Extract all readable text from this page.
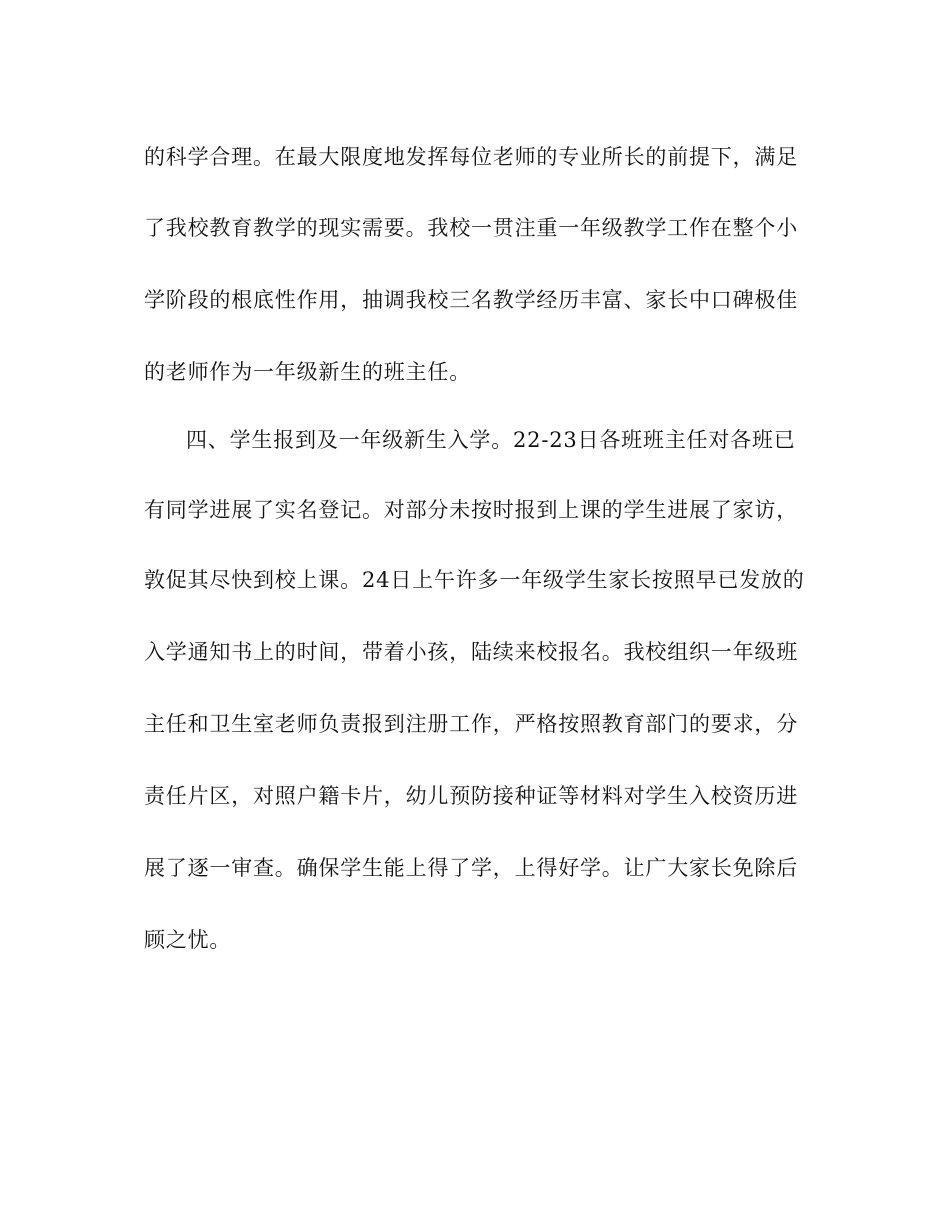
的科学合理。在最大限度地发挥每位老师的专业所长的前提下，满足
了我校教育教学的现实需要。我校一贯注重一年级教学工作在整个小
学阶段的根底性作用，抽调我校三名教学经历丰富、家长中口碑极佳
的老师作为一年级新生的班主任。
四、学生报到及一年级新生入学。22-23日各班班主任对各班已
有同学进展了实名登记。对部分未按时报到上课的学生进展了家访，
敦促其尽快到校上课。24日上午许多一年级学生家长按照早已发放的
入学通知书上的时间，带着小孩，陆续来校报名。我校组织一年级班
主任和卫生室老师负责报到注册工作，严格按照教育部门的要求，分
责任片区，对照户籍卡片，幼儿预防接种证等材料对学生入校资历进
展了逐一审查。确保学生能上得了学，上得好学。让广大家长免除后
顾之忧。
